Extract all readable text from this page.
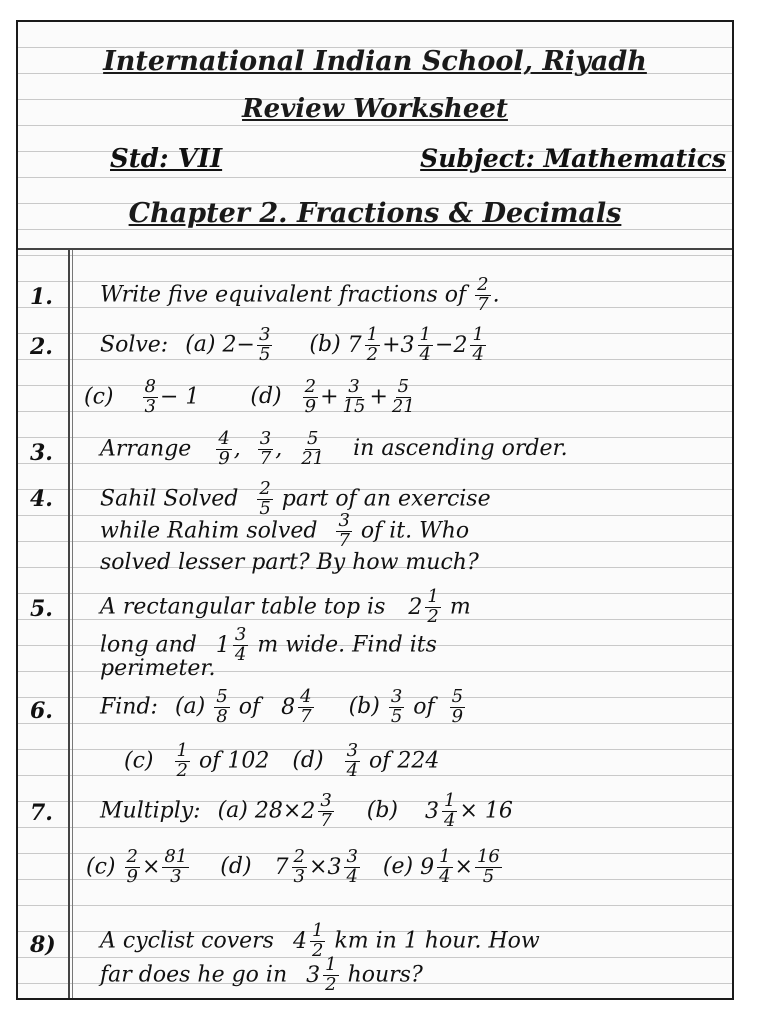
International Indian School, Riyadh
Review Worksheet
Std: VII	Subject: Mathematics
Chapter 2. Fractions & Decimals
1. Write five equivalent fractions of $\frac{2}{7}$ .
2. Solve: (a) $2- \frac{3}{5} (b)$ $7 \frac{1}{2} + 3 \frac{1}{4} - 2 \frac{1}{4}$
$(c) \frac{8}{3} - 1$ $(d) \frac{2}{9} + \frac{3}{15} + \frac{5}{21}$
3. Arrange $\frac{4}{9}$ , $\frac{3}{7}$ , $\frac{5}{21}$ in ascending order.
4. Sahil Solved $\frac{2}{5}$ part of an exercise
while Rahim solved $\frac{3}{7}$ of it. Who
solved lesser part? By how much?
5. A rectangular table top is $2 \frac{1}{2}$ m
long and $1 \frac{3}{4}$ m wide. Find its
perimeter.
6. Find: $(a) \frac{5}{8}$ of $8 \frac{4}{7} (b) \frac{3}{5}$ of $\frac{5}{9}$
$(c) \frac{1}{2}$ of 102 $(d) \frac{3}{4}$ of 224
7. Multiply: (a) $28\times 2 \frac{3}{7} (b)$ $3 \frac{1}{4} \times 16$
$(c) \frac{2}{9} \times \frac{81}{3} (d)$ $7 \frac{2}{3} \times 3 \frac{3}{4} (e)$ $9 \frac{1}{4} \times \frac{16}{5}$
8) A cyclist covers $4 \frac{1}{2}$ km in 1 hour. How
far does he go in $3 \frac{1}{2}$ hours?
